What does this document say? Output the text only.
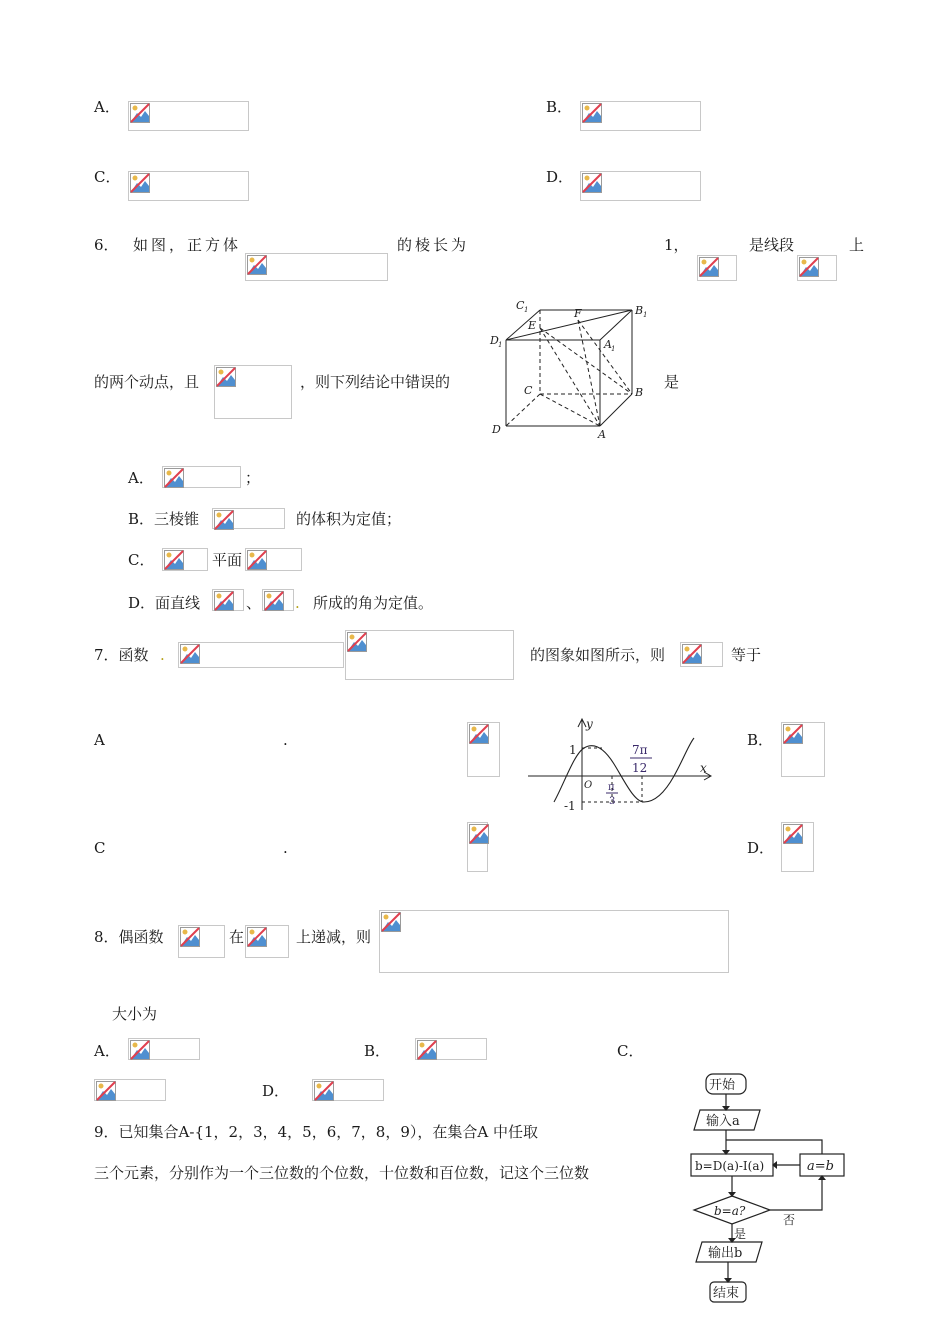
A．	B．
C．	D．
6． 如图，正方体	的棱长为	1，	是线段	上
的两个动点，且	，则下列结论中错误的	是
C 1	B 1
D 1
E
F
A 1
C	B
D	A
A．	；
B．三棱锥	的体积为定值；
C．	平面
D．面直线	、 . 所成的角为定值。
7．函数 .	的图象如图所示，则	等于
A	.	B．
y
x
1
-1
O
7π
12
π
3
C	.	D．
8．偶函数	在	上递减，则
大小为
A．	B．	C．
D．
9．已知集合A-{1，2，3，4，5，6，7，8，9），在集合A 中任取
三个元素，分别作为一个三位数的个位数，十位数和百位数，记这个三位数
开始
输入a
b=D(a)-I(a)	a=b
b=a?
是
否
输出b
结束
